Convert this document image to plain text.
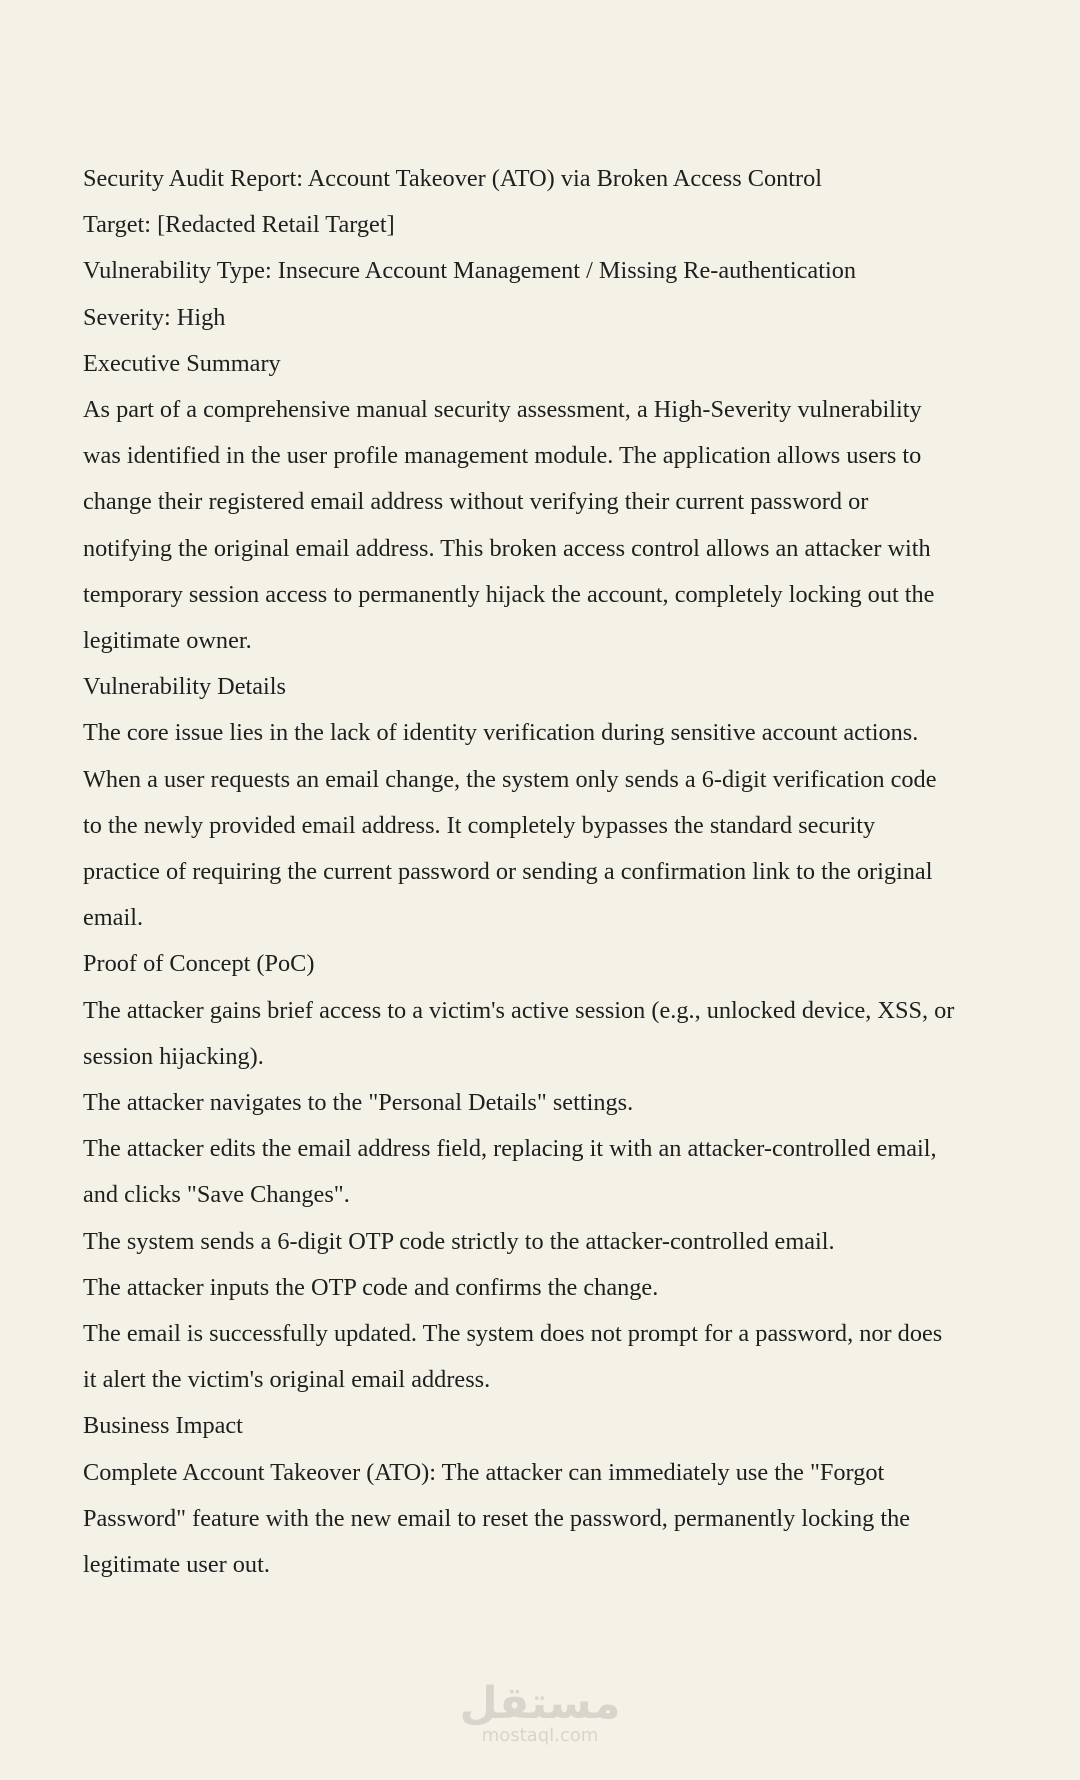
Security Audit Report: Account Takeover (ATO) via Broken Access Control
Target: [Redacted Retail Target]
Vulnerability Type: Insecure Account Management / Missing Re-authentication
Severity: High
Executive Summary
As part of a comprehensive manual security assessment, a High-Severity vulnerability
was identified in the user profile management module. The application allows users to
change their registered email address without verifying their current password or
notifying the original email address. This broken access control allows an attacker with
temporary session access to permanently hijack the account, completely locking out the
legitimate owner.
Vulnerability Details
The core issue lies in the lack of identity verification during sensitive account actions.
When a user requests an email change, the system only sends a 6-digit verification code
to the newly provided email address. It completely bypasses the standard security
practice of requiring the current password or sending a confirmation link to the original
email.
Proof of Concept (PoC)
The attacker gains brief access to a victim's active session (e.g., unlocked device, XSS, or
session hijacking).
The attacker navigates to the "Personal Details" settings.
The attacker edits the email address field, replacing it with an attacker-controlled email,
and clicks "Save Changes".
The system sends a 6-digit OTP code strictly to the attacker-controlled email.
The attacker inputs the OTP code and confirms the change.
The email is successfully updated. The system does not prompt for a password, nor does
it alert the victim's original email address.
Business Impact
Complete Account Takeover (ATO): The attacker can immediately use the "Forgot
Password" feature with the new email to reset the password, permanently locking the
legitimate user out.
مستقل
mostaql.com
